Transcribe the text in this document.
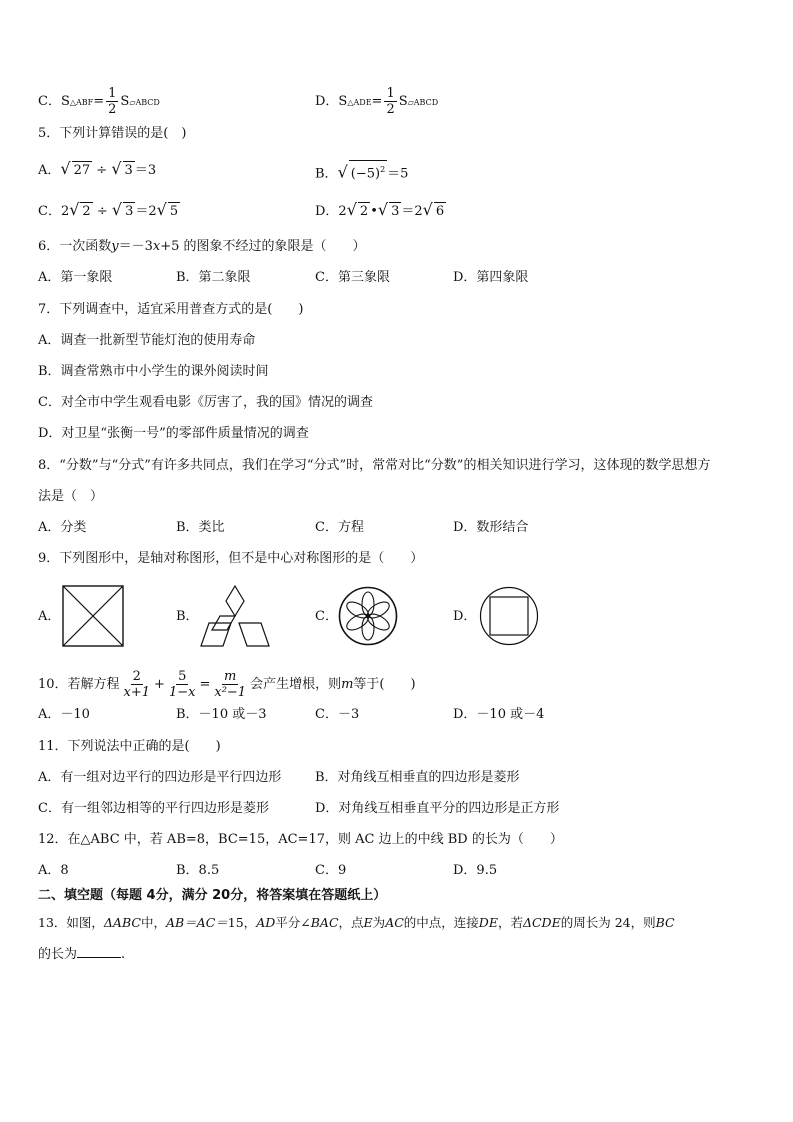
C．S△ABF= $\frac{1}{2}$ S▱ABCD	D．S△ADE= $\frac{1}{2}$ S▱ABCD
5．下列计算错误的是(　)
A．√ 27 ÷ √ 3 ＝3	B．√ $(-5)^2 =5$
C．2√ 2 ÷ √ 3 ＝2√ 5	D．2√ 2 •√ 3 ＝2√ 6
6．一次函数y＝－3x+5 的图象不经过的象限是（　　）
A．第一象限	B．第二象限	C．第三象限	D．第四象限
7．下列调查中，适宜采用普查方式的是(　　)
A．调查一批新型节能灯泡的使用寿命
B．调查常熟市中小学生的课外阅读时间
C．对全市中学生观看电影《厉害了，我的国》情况的调查
D．对卫星“张衡一号”的零部件质量情况的调查
8．“分数”与“分式”有许多共同点，我们在学习“分式”时，常常对比“分数”的相关知识进行学习，这体现的数学思想方
法是（　）
A．分类	B．类比	C．方程	D．数形结合
9．下列图形中，是轴对称图形，但不是中心对称图形的是（　　）
A．	B．	C．	D．
10．若解方程 $\frac{2}{x+1} + \frac{5}{1-x} = \frac{m}{\text{x²−1}}$ 会产生增根，则m等于(　　)
A．－10	B．－10 或－3	C．－3	D．－10 或－4
11．下列说法中正确的是(　　)
A．有一组对边平行的四边形是平行四边形	B．对角线互相垂直的四边形是菱形
C．有一组邻边相等的平行四边形是菱形	D．对角线互相垂直平分的四边形是正方形
12．在△ABC 中，若 AB=8，BC=15，AC=17，则 AC 边上的中线 BD 的长为（　　）
A．8	B．8.5	C．9	D．9.5
二、填空题（每题 4分，满分 20分，将答案填在答题纸上）
13．如图，ΔABC中，AB＝AC＝15，AD平分∠BAC，点E为AC的中点，连接DE，若ΔCDE的周长为 24，则BC
的长为	.
